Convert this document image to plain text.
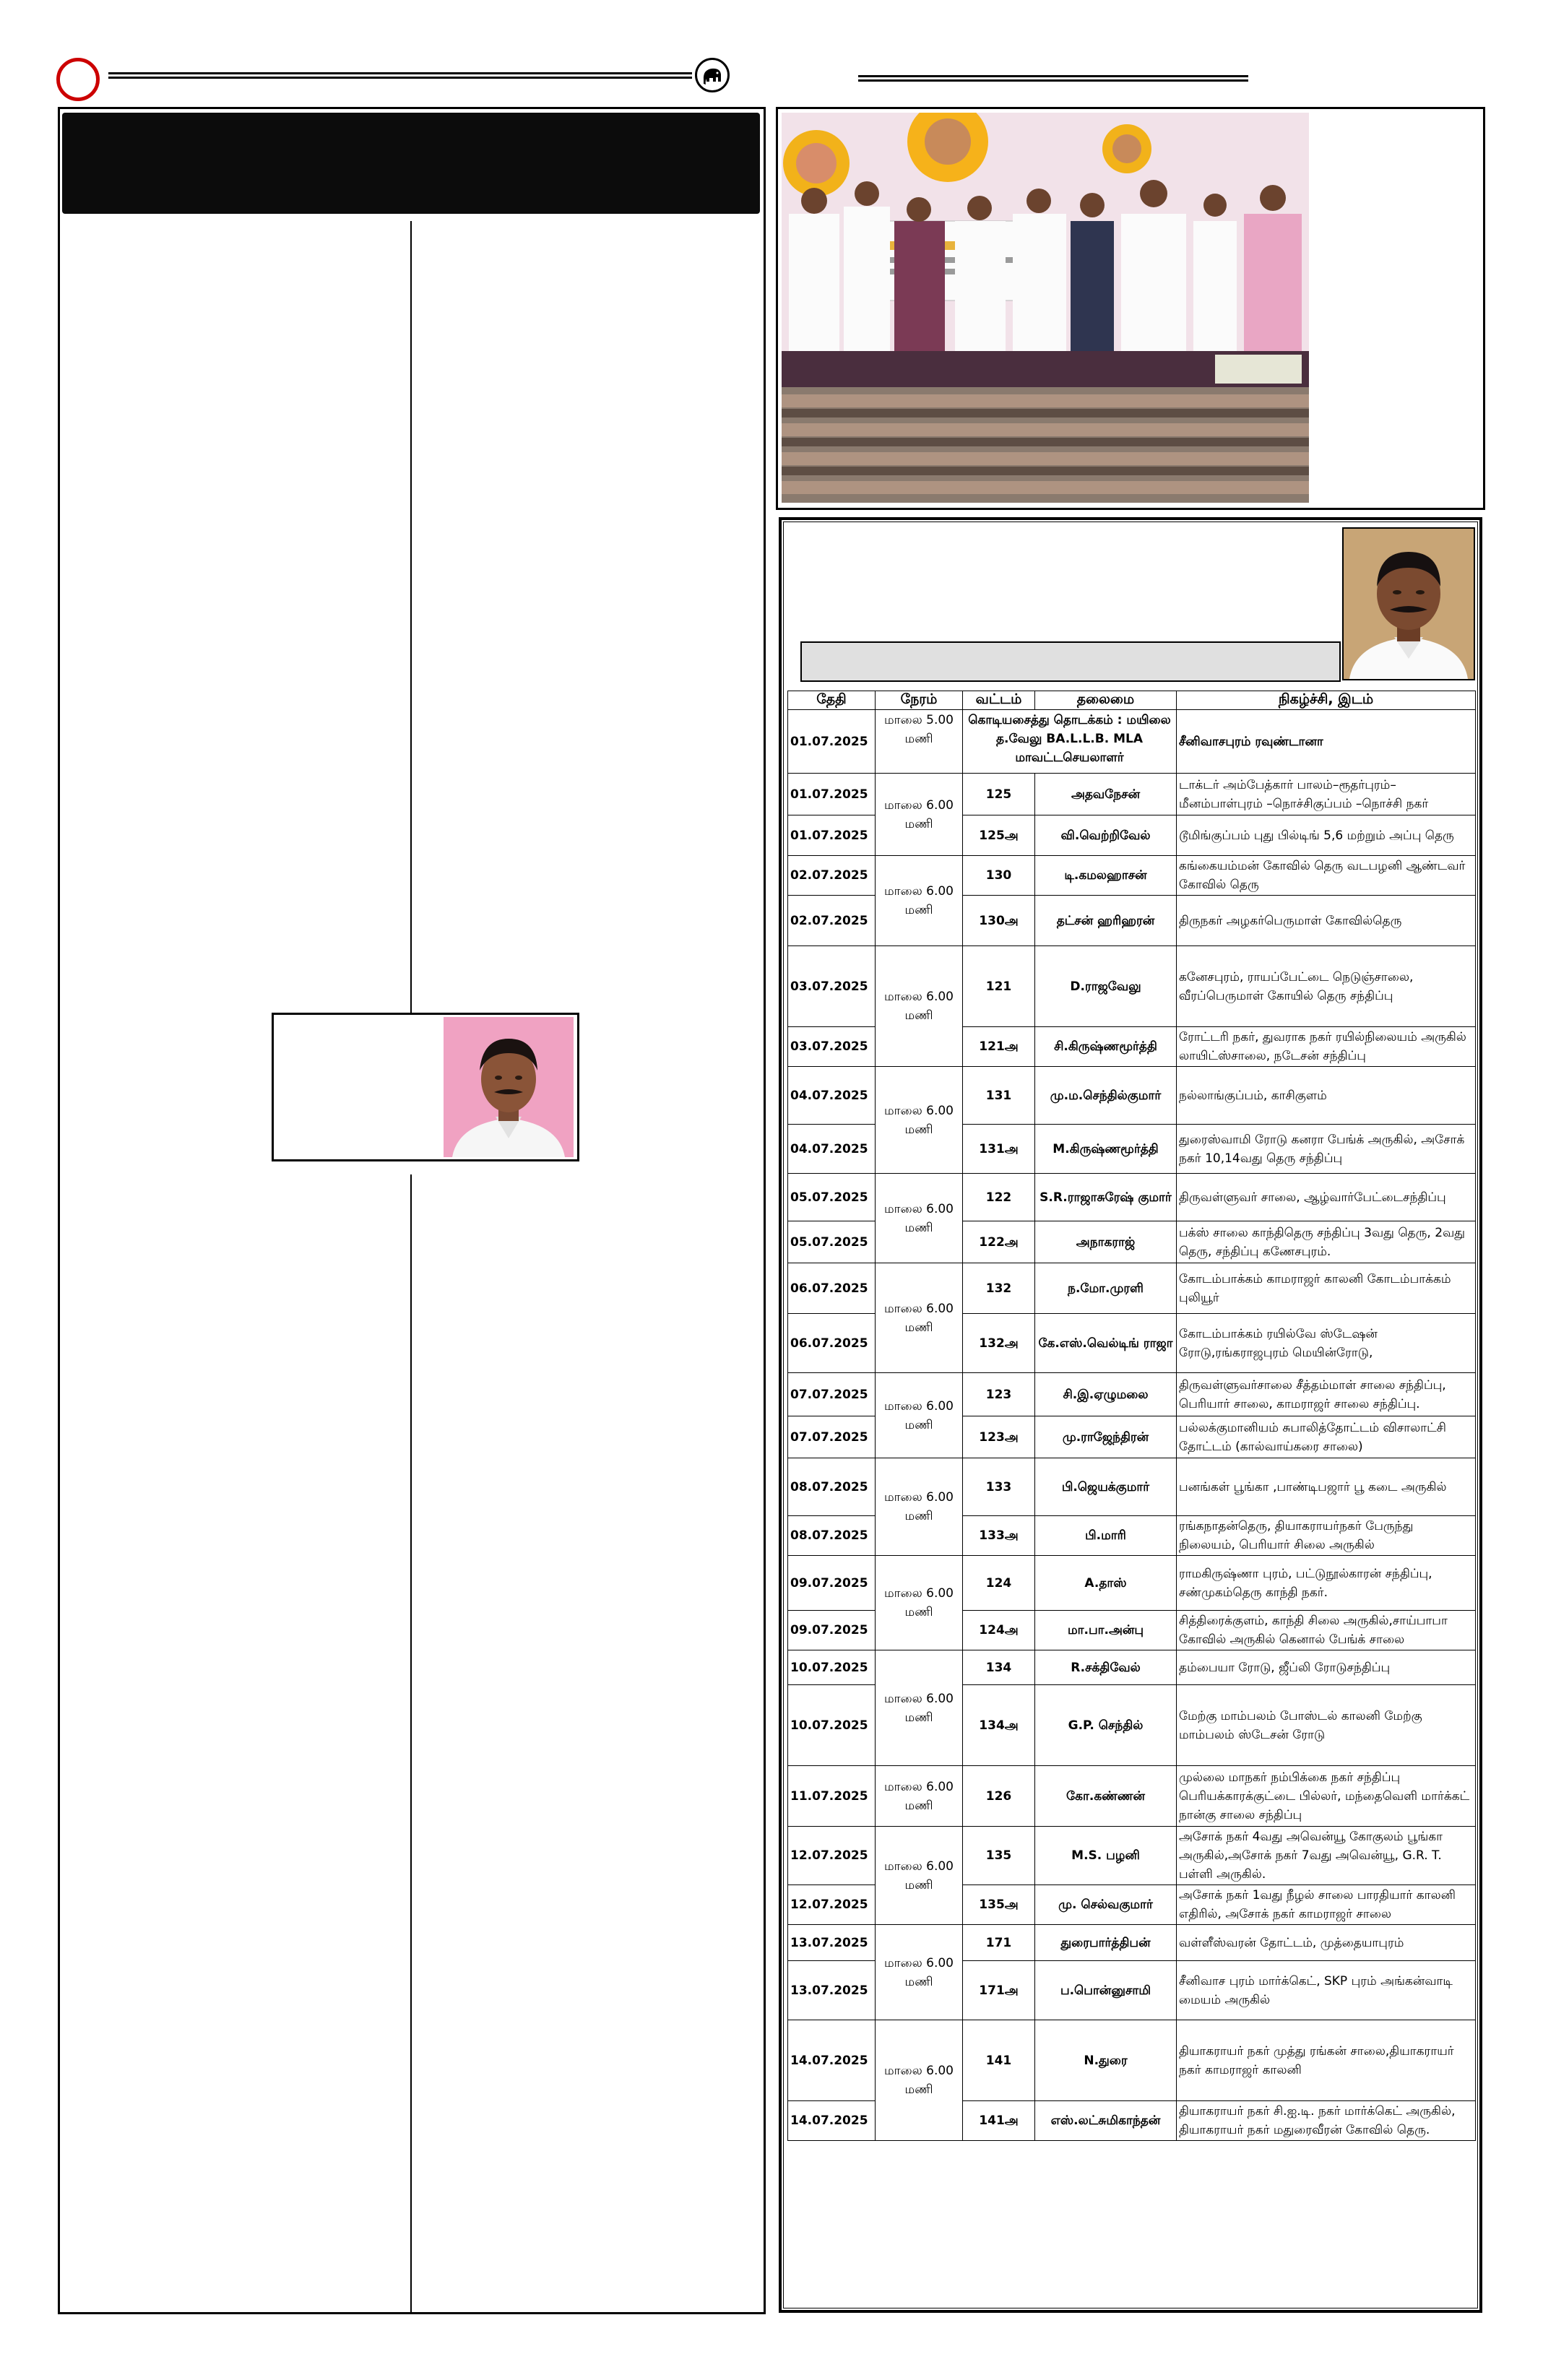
தேதி	நேரம்	வட்டம்	தலைமை	நிகழ்ச்சி, இடம்
01.07.2025	மாலை 5.00 மணி	கொடியசைத்து தொடக்கம் : மயிலை த.வேலு BA.L.L.B. MLA மாவட்டசெயலாளர்		சீனிவாசபுரம் ரவுண்டானா
01.07.2025	மாலை 6.00 மணி	125	அதவநேசன்	டாக்டர் அம்பேத்கார் பாலம்–ரூதர்புரம்– மீனம்பாள்புரம் –நொச்சிகுப்பம் –நொச்சி நகர்
01.07.2025		125அ	வி.வெற்றிவேல்	டூமிங்குப்பம் புது பில்டிங் 5,6 மற்றும் அப்பு தெரு
02.07.2025	மாலை 6.00 மணி	130	டி.கமலஹாசன்	கங்கையம்மன் கோவில் தெரு வடபழனி ஆண்டவர் கோவில் தெரு
02.07.2025		130அ	தட்சன் ஹரிஹரன்	திருநகர் அழகர்பெருமாள் கோவில்தெரு
03.07.2025	மாலை 6.00 மணி	121	D.ராஜவேலு	கனேசபுரம், ராயப்பேட்டை நெடுஞ்சாலை, வீரப்பெருமாள் கோயில் தெரு சந்திப்பு
03.07.2025		121அ	சி.கிருஷ்ணமூர்த்தி	ரோட்டரி நகர், துவராக நகர் ரயில்நிலையம் அருகில் லாயிட்ஸ்சாலை, நடேசன் சந்திப்பு
04.07.2025	மாலை 6.00 மணி	131	மு.ம.செந்தில்குமார்	நல்லாங்குப்பம், காசிகுளம்
04.07.2025		131அ	M.கிருஷ்ணமூர்த்தி	துரைஸ்வாமி ரோடு கனரா பேங்க் அருகில், அசோக் நகர் 10,14வது தெரு சந்திப்பு
05.07.2025	மாலை 6.00 மணி	122	S.R.ராஜாசுரேஷ் குமார்	திருவள்ளுவர் சாலை, ஆழ்வார்பேட்டைசந்திப்பு
05.07.2025		122அ	அநாகராஜ்	பக்ஸ் சாலை காந்திதெரு சந்திப்பு 3வது தெரு, 2வது தெரு, சந்திப்பு கணேசபுரம்.
06.07.2025	மாலை 6.00 மணி	132	ந.மோ.முரளி	கோடம்பாக்கம் காமராஜர் காலனி கோடம்பாக்கம் புலியூர்
06.07.2025		132அ	கே.எஸ்.வெல்டிங் ராஜா	கோடம்பாக்கம் ரயில்வே ஸ்டேஷன் ரோடு,ரங்கராஜபுரம் மெயின்ரோடு,
07.07.2025	மாலை 6.00 மணி	123	சி.இ.ஏழுமலை	திருவள்ளுவர்சாலை சீத்தம்மாள் சாலை சந்திப்பு, பெரியார் சாலை, காமராஜர் சாலை சந்திப்பு.
07.07.2025		123அ	மு.ராஜேந்திரன்	பல்லக்குமானியம் சுபாலித்தோட்டம் விசாலாட்சி தோட்டம் (கால்வாய்கரை சாலை)
08.07.2025	மாலை 6.00 மணி	133	பி.ஜெயக்குமார்	பனங்கள் பூங்கா ,பாண்டிபஜார் பூ கடை அருகில்
08.07.2025		133அ	பி.மாரி	ரங்கநாதன்தெரு, தியாகராயர்நகர் பேருந்து நிலையம், பெரியார் சிலை அருகில்
09.07.2025	மாலை 6.00 மணி	124	A.தாஸ்	ராமகிருஷ்ணா புரம், பட்டுநூல்காரன் சந்திப்பு, சண்முகம்தெரு காந்தி நகர்.
09.07.2025		124அ	மா.பா.அன்பு	சித்திரைக்குளம், காந்தி சிலை அருகில்,சாய்பாபா கோவில் அருகில் கெனால் பேங்க் சாலை
10.07.2025	மாலை 6.00 மணி	134	R.சக்திவேல்	தம்பையா ரோடு, ஜீப்லி ரோடுசந்திப்பு
10.07.2025		134அ	G.P. செந்தில்	மேற்கு மாம்பலம் போஸ்டல் காலனி மேற்கு மாம்பலம் ஸ்டேசன் ரோடு
11.07.2025	மாலை 6.00 மணி	126	கோ.கண்ணன்	முல்லை மாநகர் நம்பிக்கை நகர் சந்திப்பு பெரியக்காரக்குட்டை பில்லர், மந்தைவெளி மார்க்கட் நான்கு சாலை சந்திப்பு
12.07.2025	மாலை 6.00 மணி	135	M.S. பழனி	அசோக் நகர் 4வது அவென்யூ கோகுலம் பூங்கா அருகில்,அசோக் நகர் 7வது அவென்யூ, G.R. T. பள்ளி அருகில்.
12.07.2025		135அ	மு. செல்வகுமார்	அசோக் நகர் 1வது நீழல் சாலை பாரதியார் காலனி எதிரில், அசோக் நகர் காமராஜர் சாலை
13.07.2025	மாலை 6.00 மணி	171	துரைபார்த்திபன்	வள்ளீஸ்வரன் தோட்டம், முத்தையாபுரம்
13.07.2025		171அ	ப.பொன்னுசாமி	சீனிவாச புரம் மார்க்கெட், SKP புரம் அங்கன்வாடி மையம் அருகில்
14.07.2025	மாலை 6.00 மணி	141	N.துரை	தியாகராயர் நகர் முத்து ரங்கன் சாலை,தியாகராயர் நகர் காமராஜர் காலனி
14.07.2025		141அ	எஸ்.லட்சுமிகாந்தன்	தியாகராயர் நகர் சி.ஐ.டி. நகர் மார்க்கெட் அருகில், தியாகராயர் நகர் மதுரைவீரன் கோவில் தெரு.
